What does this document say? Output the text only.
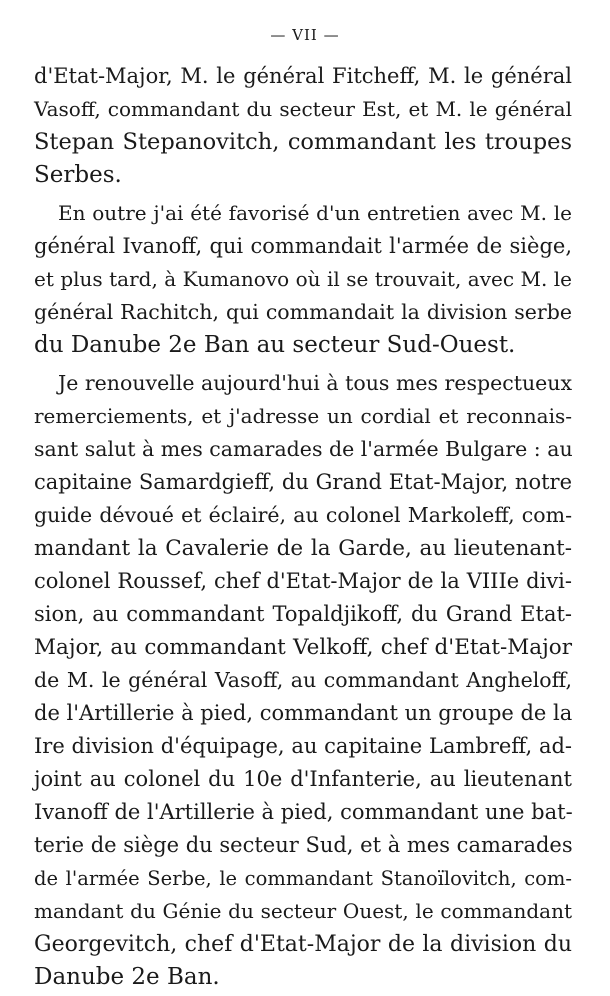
— VII —
d'Etat-Major, M. le général Fitcheff, M. le général
Vasoff, commandant du secteur Est, et M. le général
Stepan Stepanovitch, commandant les troupes
Serbes.
En outre j'ai été favorisé d'un entretien avec M. le
général Ivanoff, qui commandait l'armée de siège,
et plus tard, à Kumanovo où il se trouvait, avec M. le
général Rachitch, qui commandait la division serbe
du Danube 2e Ban au secteur Sud-Ouest.
Je renouvelle aujourd'hui à tous mes respectueux
remerciements, et j'adresse un cordial et reconnais-
sant salut à mes camarades de l'armée Bulgare : au
capitaine Samardgieff, du Grand Etat-Major, notre
guide dévoué et éclairé, au colonel Markoleff, com-
mandant la Cavalerie de la Garde, au lieutenant-
colonel Roussef, chef d'Etat-Major de la VIIIe divi-
sion, au commandant Topaldjikoff, du Grand Etat-
Major, au commandant Velkoff, chef d'Etat-Major
de M. le général Vasoff, au commandant Angheloff,
de l'Artillerie à pied, commandant un groupe de la
Ire division d'équipage, au capitaine Lambreff, ad-
joint au colonel du 10e d'Infanterie, au lieutenant
Ivanoff de l'Artillerie à pied, commandant une bat-
terie de siège du secteur Sud, et à mes camarades
de l'armée Serbe, le commandant Stanoïlovitch, com-
mandant du Génie du secteur Ouest, le commandant
Georgevitch, chef d'Etat-Major de la division du
Danube 2e Ban.
